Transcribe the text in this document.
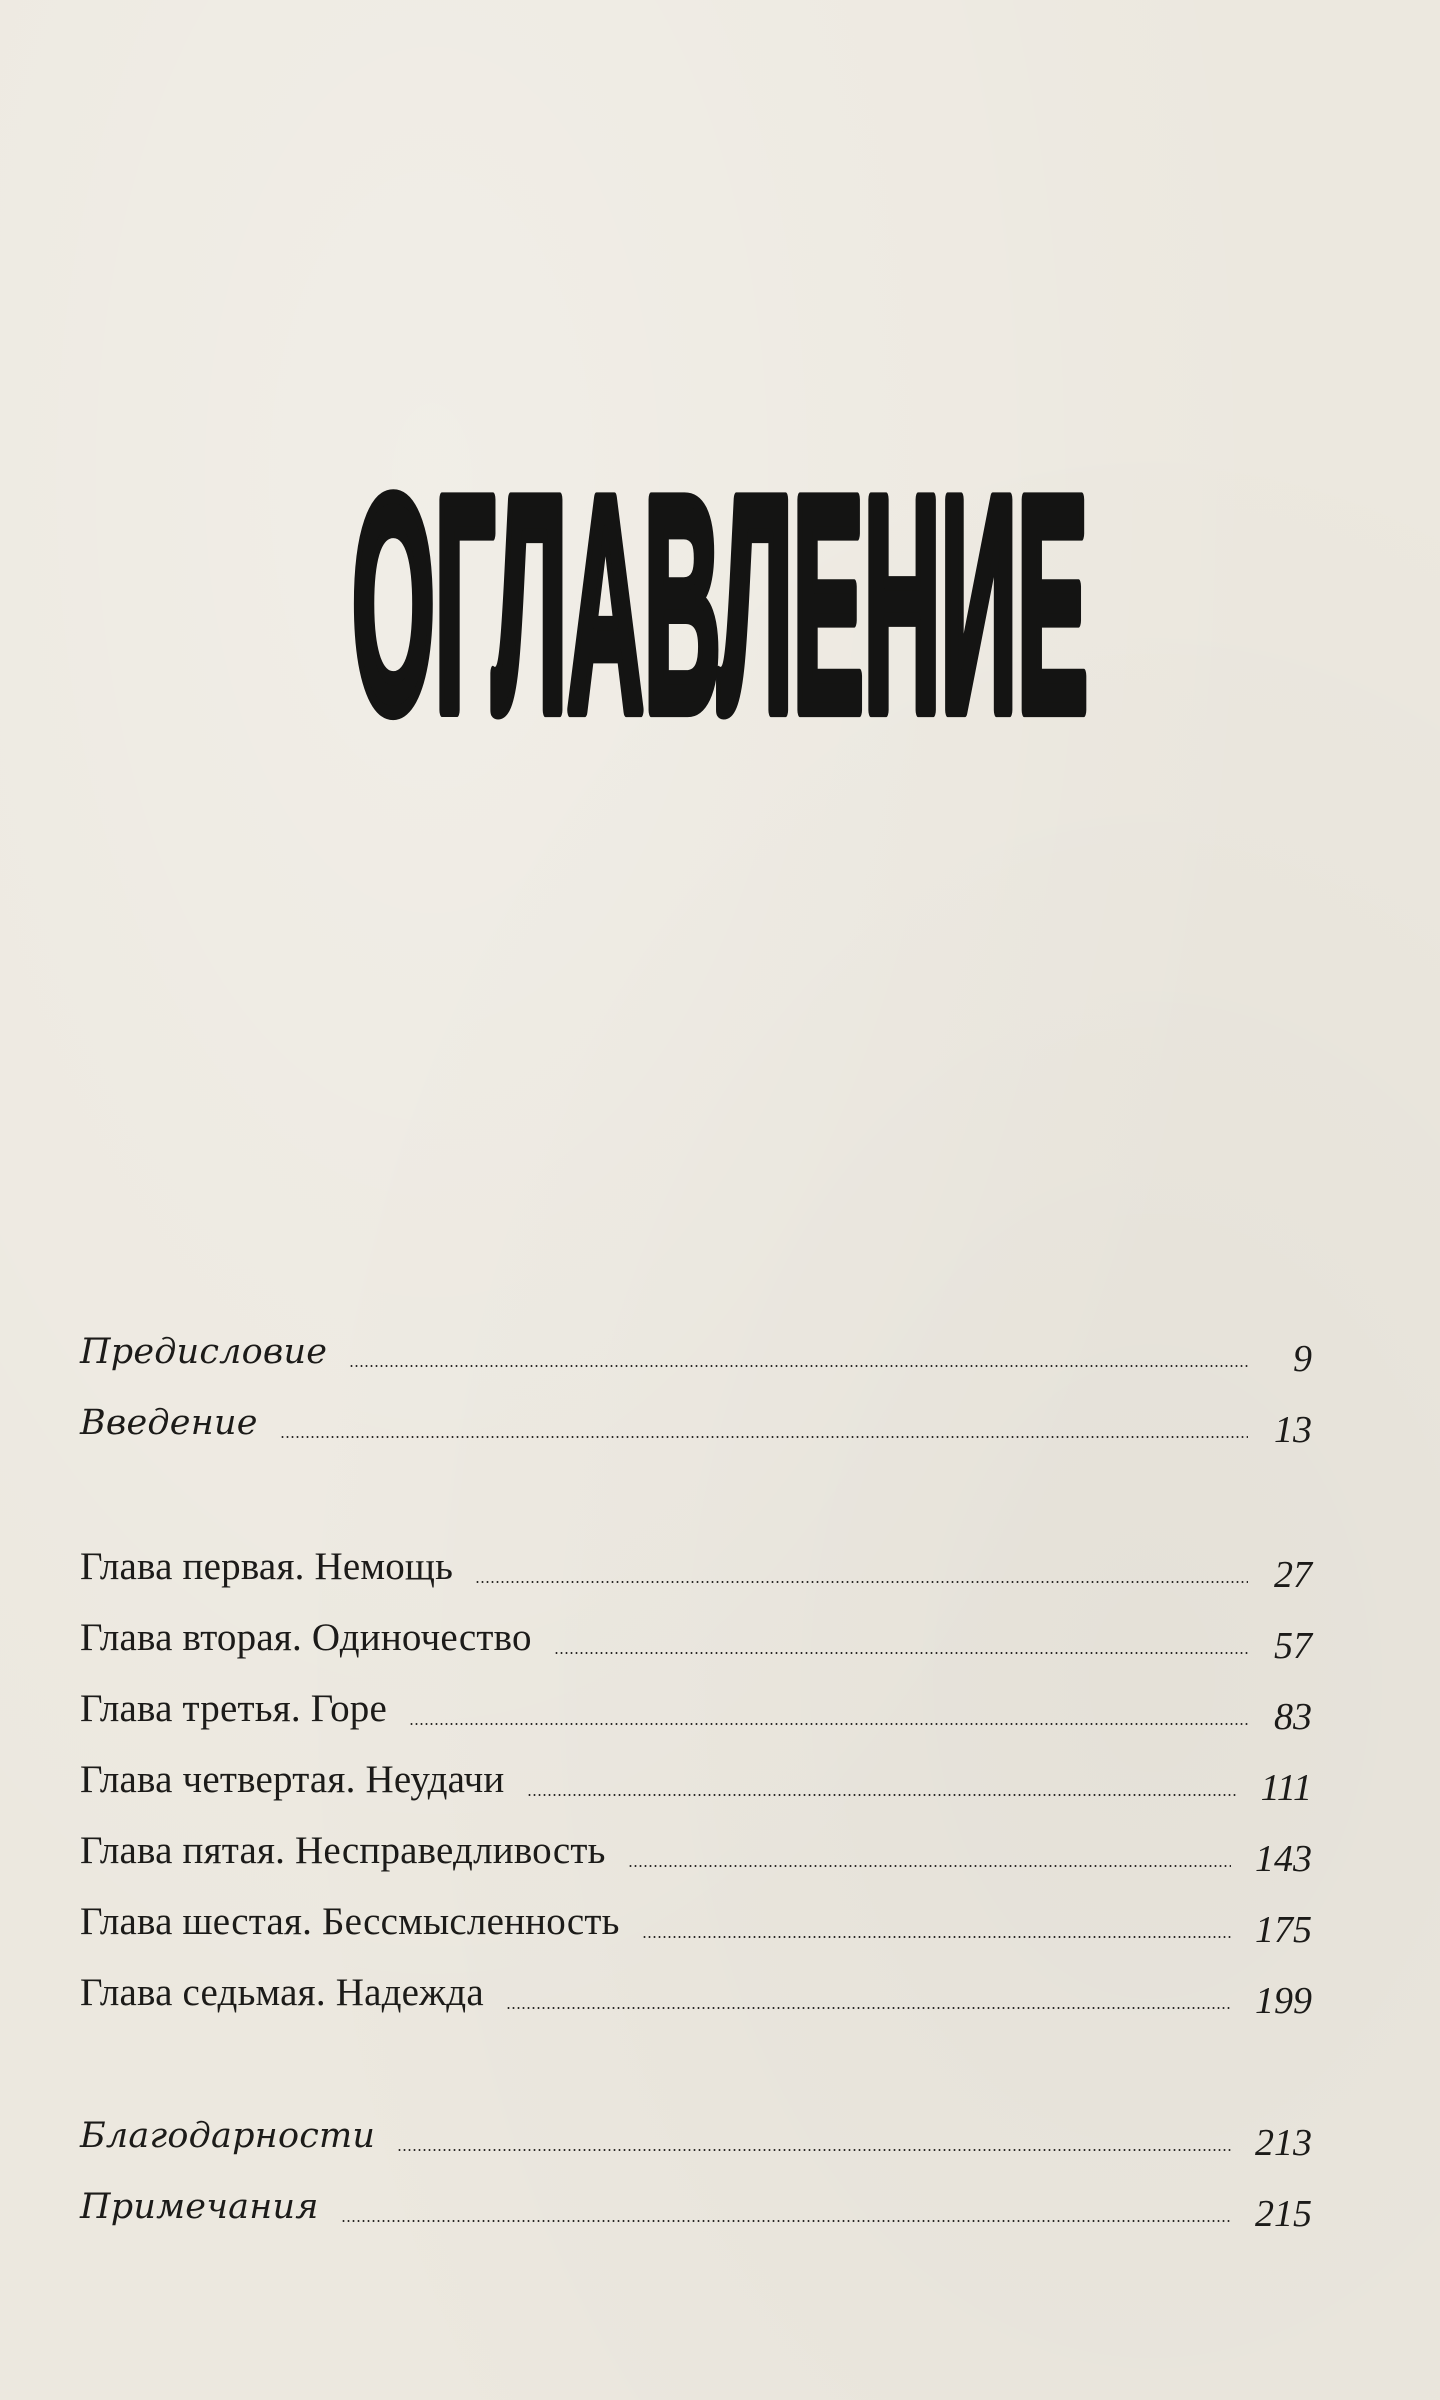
ОГЛАВЛЕНИЕ
Предисловие	9
Введение	13
Глава первая. Немощь	27
Глава вторая. Одиночество	57
Глава третья. Горе	83
Глава четвертая. Неудачи	111
Глава пятая. Несправедливость	143
Глава шестая. Бессмысленность	175
Глава седьмая. Надежда	199
Благодарности	213
Примечания	215
